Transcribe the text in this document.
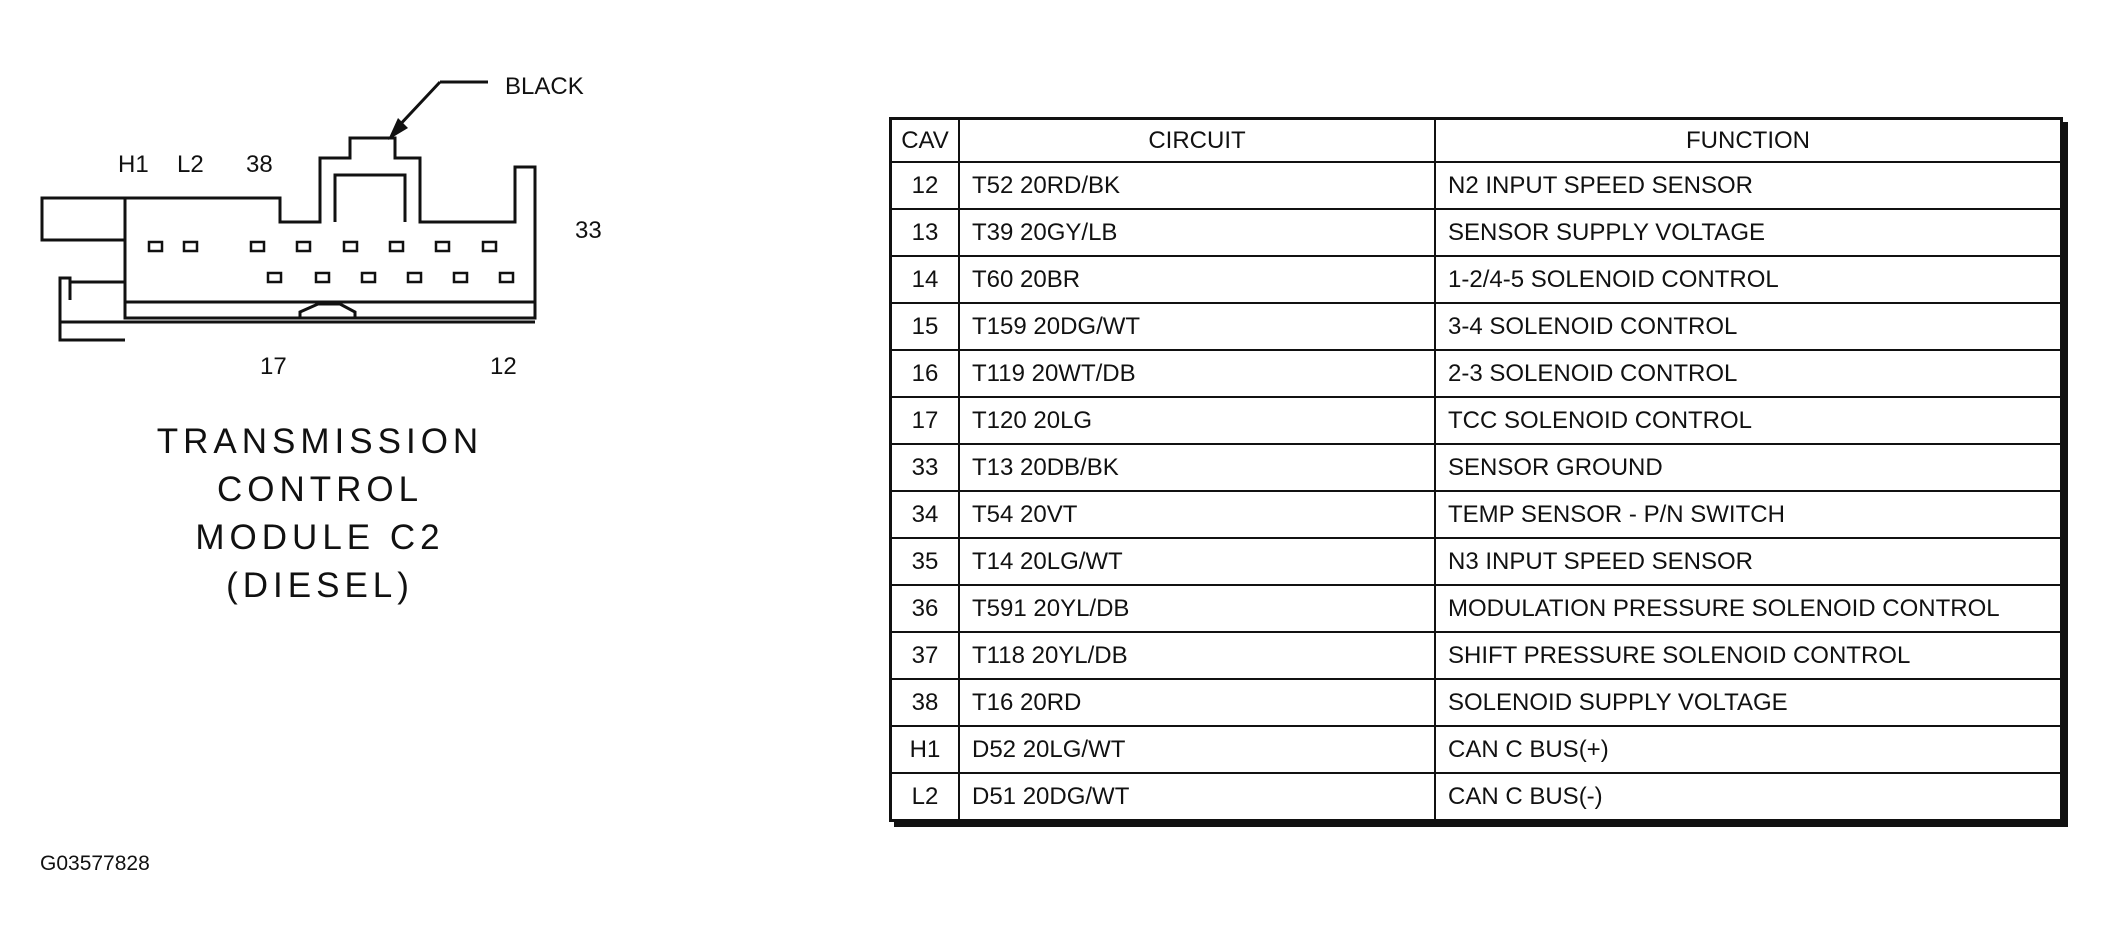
BLACK
H1 L2 38
33
17	12
TRANSMISSION
CONTROL
MODULE C2
(DIESEL)
G03577828
CAV	CIRCUIT	FUNCTION
12	T52 20RD/BK	N2 INPUT SPEED SENSOR
13	T39 20GY/LB	SENSOR SUPPLY VOLTAGE
14	T60 20BR	1-2/4-5 SOLENOID CONTROL
15	T159 20DG/WT	3-4 SOLENOID CONTROL
16	T119 20WT/DB	2-3 SOLENOID CONTROL
17	T120 20LG	TCC SOLENOID CONTROL
33	T13 20DB/BK	SENSOR GROUND
34	T54 20VT	TEMP SENSOR - P/N SWITCH
35	T14 20LG/WT	N3 INPUT SPEED SENSOR
36	T591 20YL/DB	MODULATION PRESSURE SOLENOID CONTROL
37	T118 20YL/DB	SHIFT PRESSURE SOLENOID CONTROL
38	T16 20RD	SOLENOID SUPPLY VOLTAGE
H1	D52 20LG/WT	CAN C BUS(+)
L2	D51 20DG/WT	CAN C BUS(-)
